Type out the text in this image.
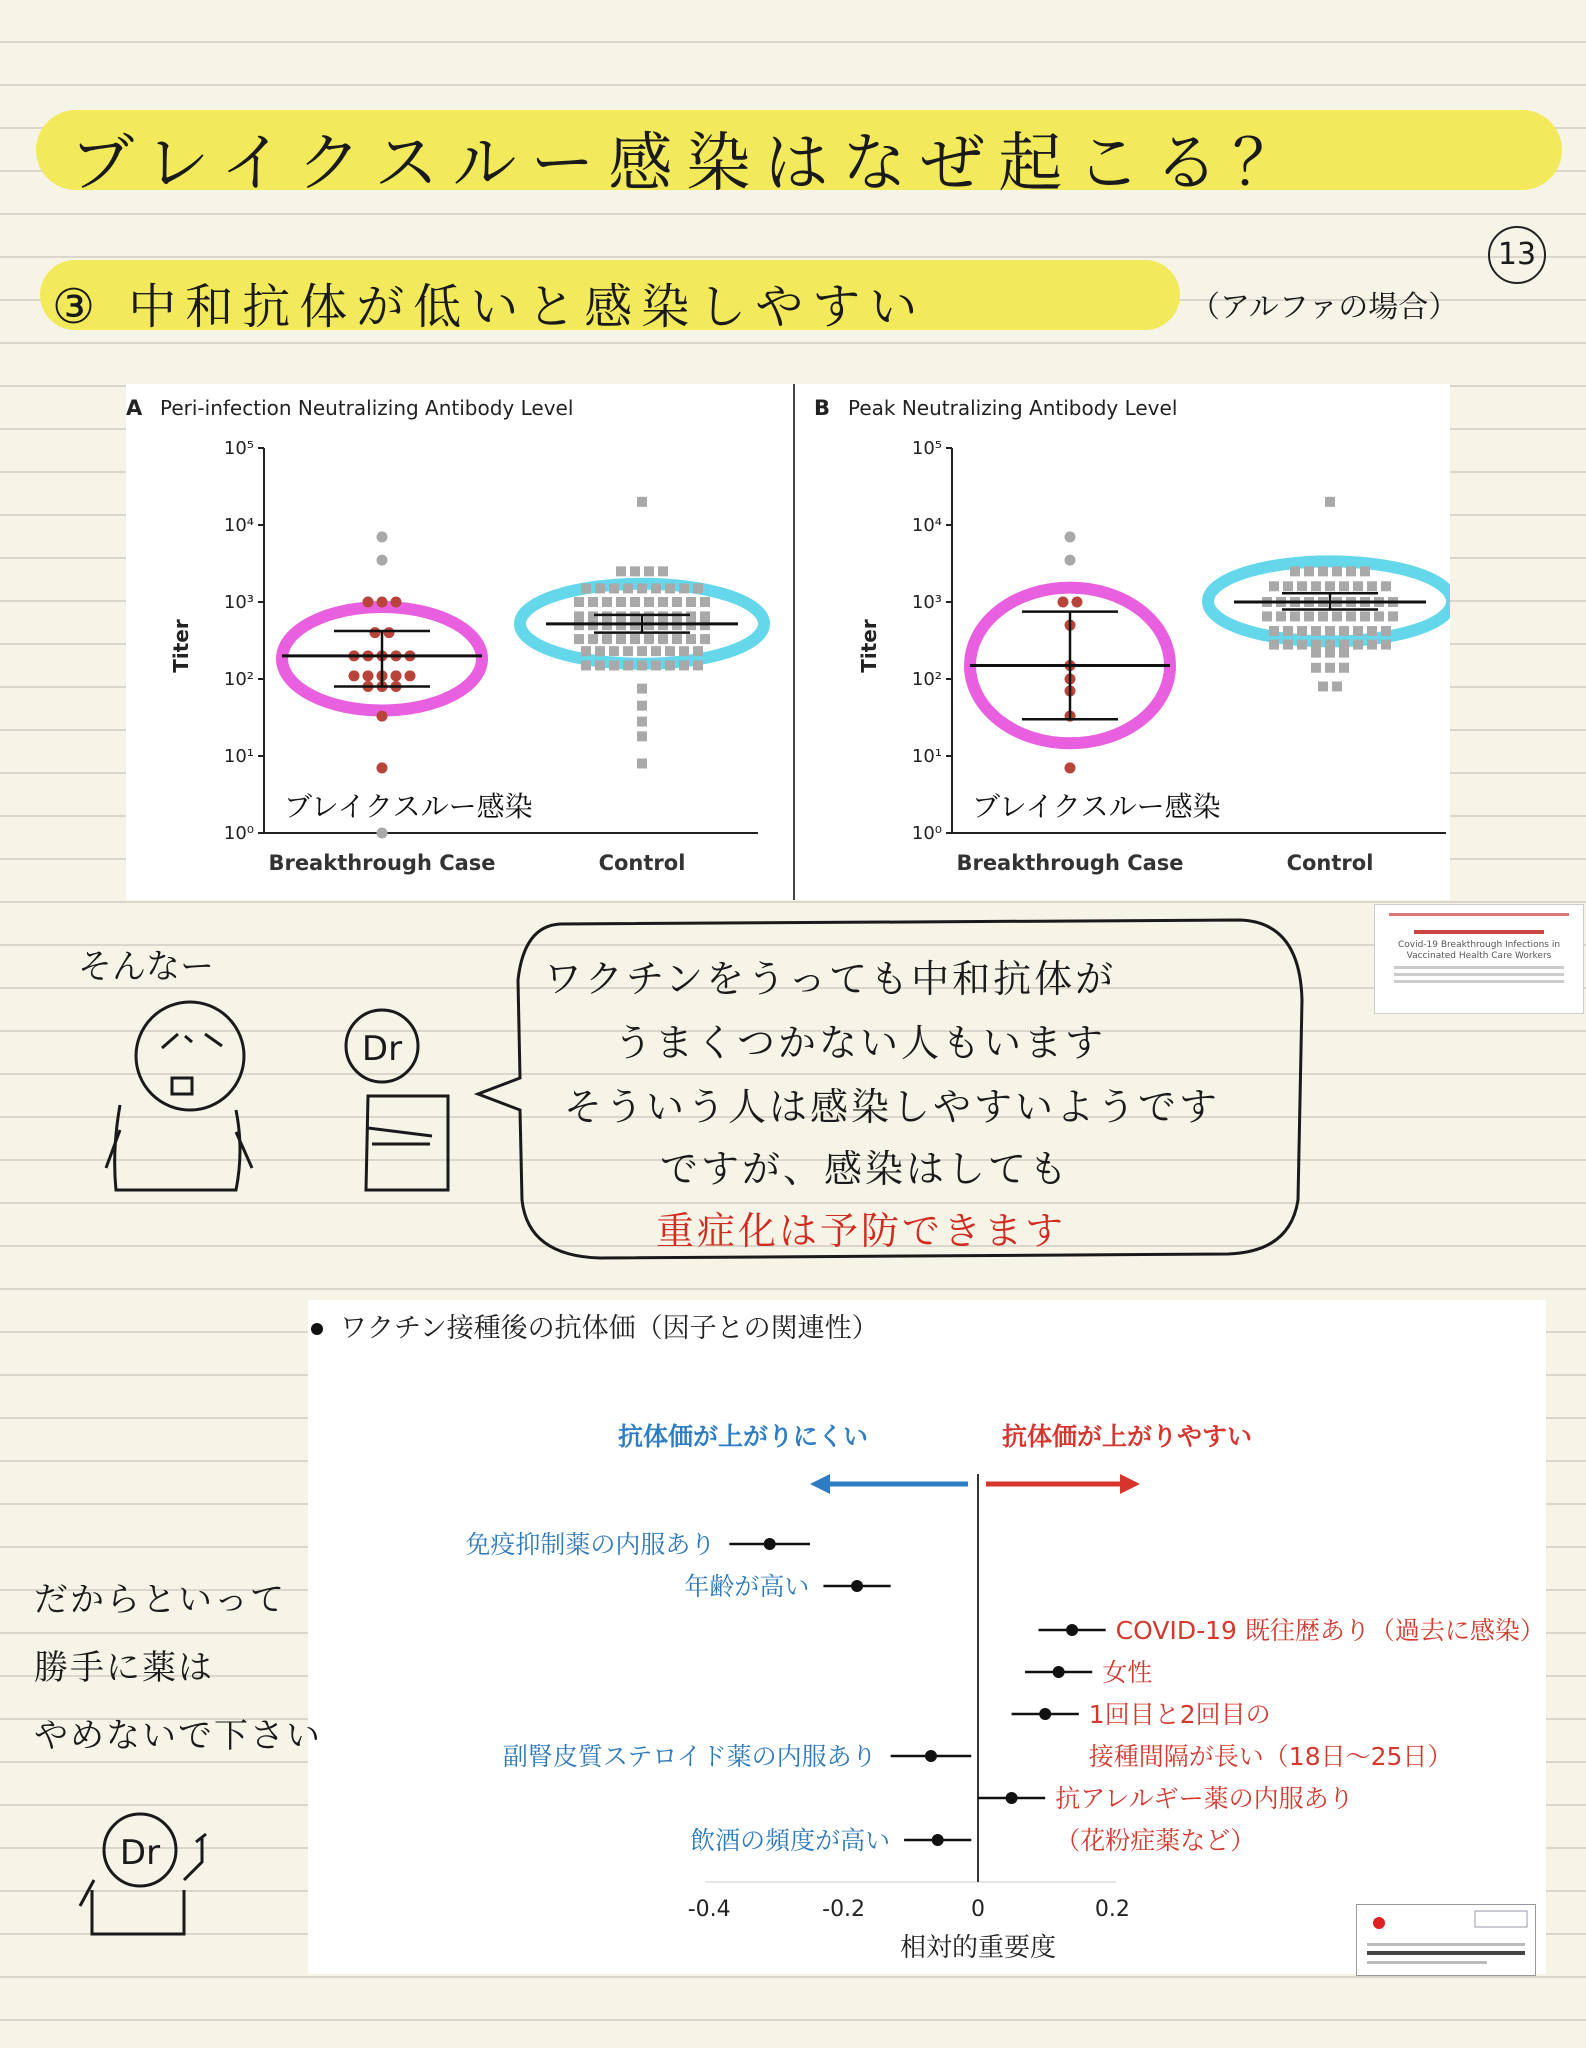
ブレイクスルー感染はなぜ起こる？
13
③ 中和抗体が低いと感染しやすい	（アルファの場合）
A Peri-infection Neutralizing Antibody Level
Titer
10⁰
10¹
10²
10³
10⁴
10⁵
Breakthrough Case	Control
ブレイクスルー感染
B Peak Neutralizing Antibody Level
Titer
10⁰
10¹
10²
10³
10⁴
10⁵
Breakthrough Case	Control
ブレイクスルー感染
Covid-19 Breakthrough Infections in Vaccinated Health Care Workers
そんなー
Dr
ワクチンをうっても中和抗体が
うまくつかない人もいます
そういう人は感染しやすいようです
ですが、感染はしても
重症化は予防できます
ワクチン接種後の抗体価（因子との関連性）
抗体価が上がりにくい	抗体価が上がりやすい
免疫抑制薬の内服あり
年齢が高い
COVID-19 既往歴あり（過去に感染）
女性
1回目と2回目の
接種間隔が長い（18日～25日）
副腎皮質ステロイド薬の内服あり
抗アレルギー薬の内服あり
（花粉症薬など）
飲酒の頻度が高い
-0.4	-0.2	0	0.2
相対的重要度
だからといって
勝手に薬は
やめないで下さい
Dr
